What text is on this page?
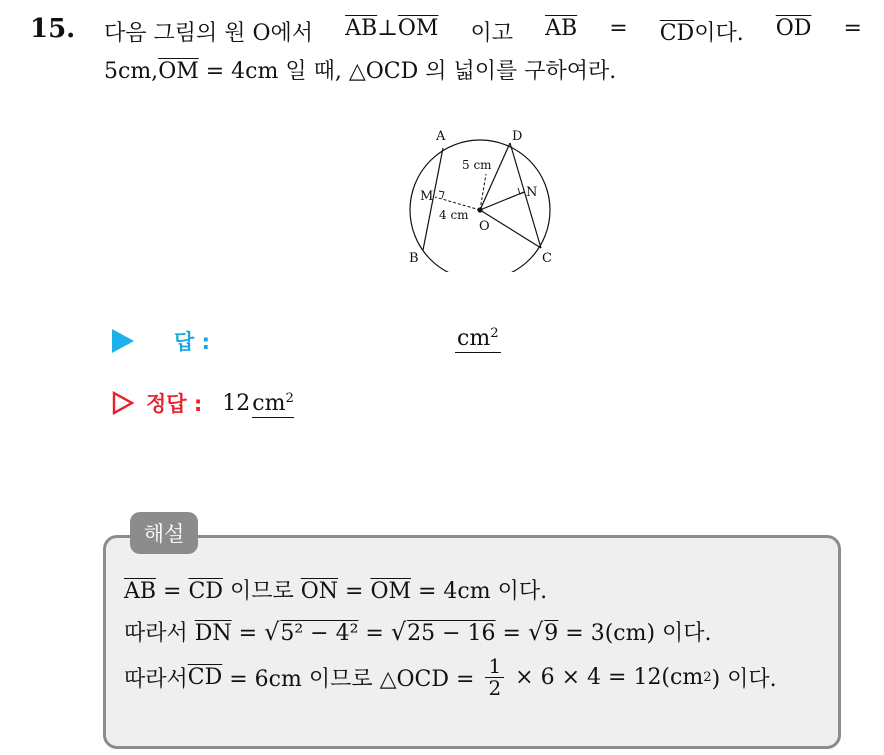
15. 다음 그림의 원 O에서 $\overline{AB}\perp\overline{OM}$ 이고 $\overline{AB} = \overline{CD}$이다. $\overline{OD}$ =
$5cm,\overline{OM} = 4cm$ 일 때, △OCD 의 넓이를 구하여라.
A	D
B	C
M	N
O
5 cm
4 cm
답 :	$cm^2$
정답 : $12cm^2$
해설
$\overline{AB} = \overline{CD}$ 이므로 $\overline{ON} = \overline{OM} = 4cm$ 이다.
따라서 $\overline{DN} = √5^2 - 4^2 = √25 - 16 = √9 = 3(cm)$ 이다.
따라서 $\overline{CD} = 6cm$ 이므로 △OCD = $\frac{1}{2} \times 6 \times 4 = 12(cm$ 2 ) 이다.
